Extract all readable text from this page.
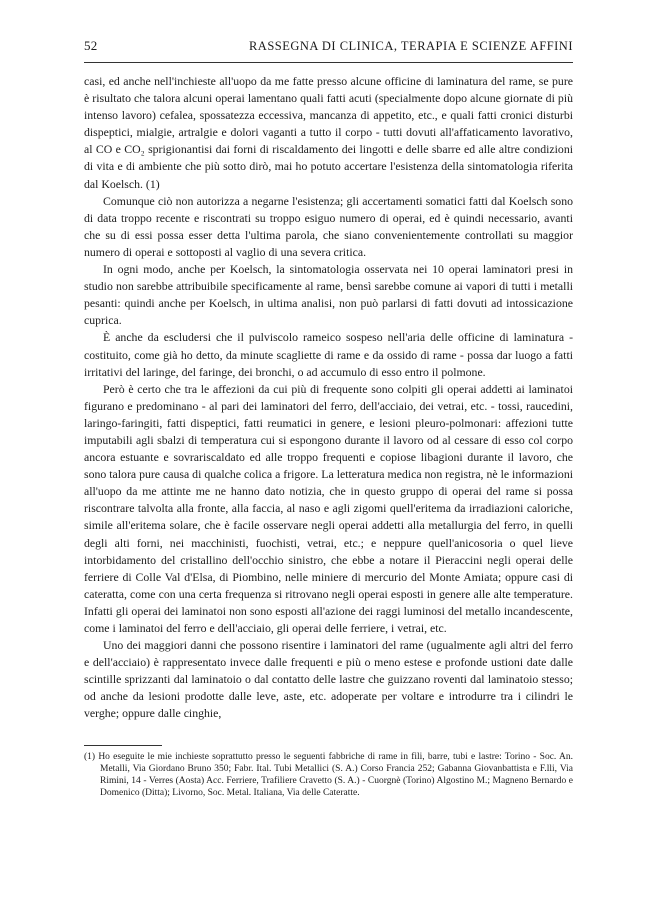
52	RASSEGNA DI CLINICA, TERAPIA E SCIENZE AFFINI

casi, ed anche nell'inchieste all'uopo da me fatte presso alcune officine di laminatura del rame, se pure è risultato che talora alcuni operai lamentano quali fatti acuti (specialmente dopo alcune giornate di più intenso lavoro) cefalea, spossatezza eccessiva, mancanza di appetito, etc., e quali fatti cronici disturbi dispeptici, mialgie, artralgie e dolori vaganti a tutto il corpo - tutti dovuti all'affaticamento lavorativo, al CO e CO₂ sprigionantisi dai forni di riscaldamento dei lingotti e delle sbarre ed alle altre condizioni di vita e di ambiente che più sotto dirò, mai ho potuto accertare l'esistenza della sintomatologia riferita dal Koelsch. (1)

Comunque ciò non autorizza a negarne l'esistenza; gli accertamenti somatici fatti dal Koelsch sono di data troppo recente e riscontrati su troppo esiguo numero di operai, ed è quindi necessario, avanti che su di essi possa esser detta l'ultima parola, che siano convenientemente controllati su maggior numero di operai e sottoposti al vaglio di una severa critica.

In ogni modo, anche per Koelsch, la sintomatologia osservata nei 10 operai laminatori presi in studio non sarebbe attribuibile specificamente al rame, bensì sarebbe comune ai vapori di tutti i metalli pesanti: quindi anche per Koelsch, in ultima analisi, non può parlarsi di fatti dovuti ad intossicazione cuprica.

È anche da escludersi che il pulviscolo rameico sospeso nell'aria delle officine di laminatura - costituito, come già ho detto, da minute scagliette di rame e da ossido di rame - possa dar luogo a fatti irritativi del laringe, del faringe, dei bronchi, o ad accumulo di esso entro il polmone.

Però è certo che tra le affezioni da cui più di frequente sono colpiti gli operai addetti ai laminatoi figurano e predominano - al pari dei laminatori del ferro, dell'acciaio, dei vetrai, etc. - tossi, raucedini, laringo-faringiti, fatti dispeptici, fatti reumatici in genere, e lesioni pleuro-polmonari: affezioni tutte imputabili agli sbalzi di temperatura cui si espongono durante il lavoro od al cessare di esso col corpo ancora estuante e sovrariscaldato ed alle troppo frequenti e copiose libagioni durante il lavoro, che sono talora pure causa di qualche colica a frigore. La letteratura medica non registra, nè le informazioni all'uopo da me attinte me ne hanno dato notizia, che in questo gruppo di operai del rame si possa riscontrare talvolta alla fronte, alla faccia, al naso e agli zigomi quell'eritema da irradiazioni caloriche, simile all'eritema solare, che è facile osservare negli operai addetti alla metallurgia del ferro, in quelli degli alti forni, nei macchinisti, fuochisti, vetrai, etc.; e neppure quell'anicosoria o quel lieve intorbidamento del cristallino dell'occhio sinistro, che ebbe a notare il Pieraccini negli operai delle ferriere di Colle Val d'Elsa, di Piombino, nelle miniere di mercurio del Monte Amiata; oppure casi di cateratta, come con una certa frequenza si ritrovano negli operai esposti in genere alle alte temperature. Infatti gli operai dei laminatoi non sono esposti all'azione dei raggi luminosi del metallo incandescente, come i laminatoi del ferro e dell'acciaio, gli operai delle ferriere, i vetrai, etc.

Uno dei maggiori danni che possono risentire i laminatori del rame (ugualmente agli altri del ferro e dell'acciaio) è rappresentato invece dalle frequenti e più o meno estese e profonde ustioni date dalle scintille sprizzanti dal laminatoio o dal contatto delle lastre che guizzano roventi dal laminatoio stesso; od anche da lesioni prodotte dalle leve, aste, etc. adoperate per voltare e introdurre tra i cilindri le verghe; oppure dalle cinghie,

(1) Ho eseguite le mie inchieste soprattutto presso le seguenti fabbriche di rame in fili, barre, tubi e lastre: Torino - Soc. An. Metalli, Via Giordano Bruno 350; Fabr. Ital. Tubi Metallici (S. A.) Corso Francia 252; Gabanna Giovanbattista e F.lli, Via Rimini, 14 - Verres (Aosta) Acc. Ferriere, Trafiliere Cravetto (S. A.) - Cuorgnè (Torino) Algostino M.; Magneno Bernardo e Domenico (Ditta); Livorno, Soc. Metal. Italiana, Via delle Cateratte.
